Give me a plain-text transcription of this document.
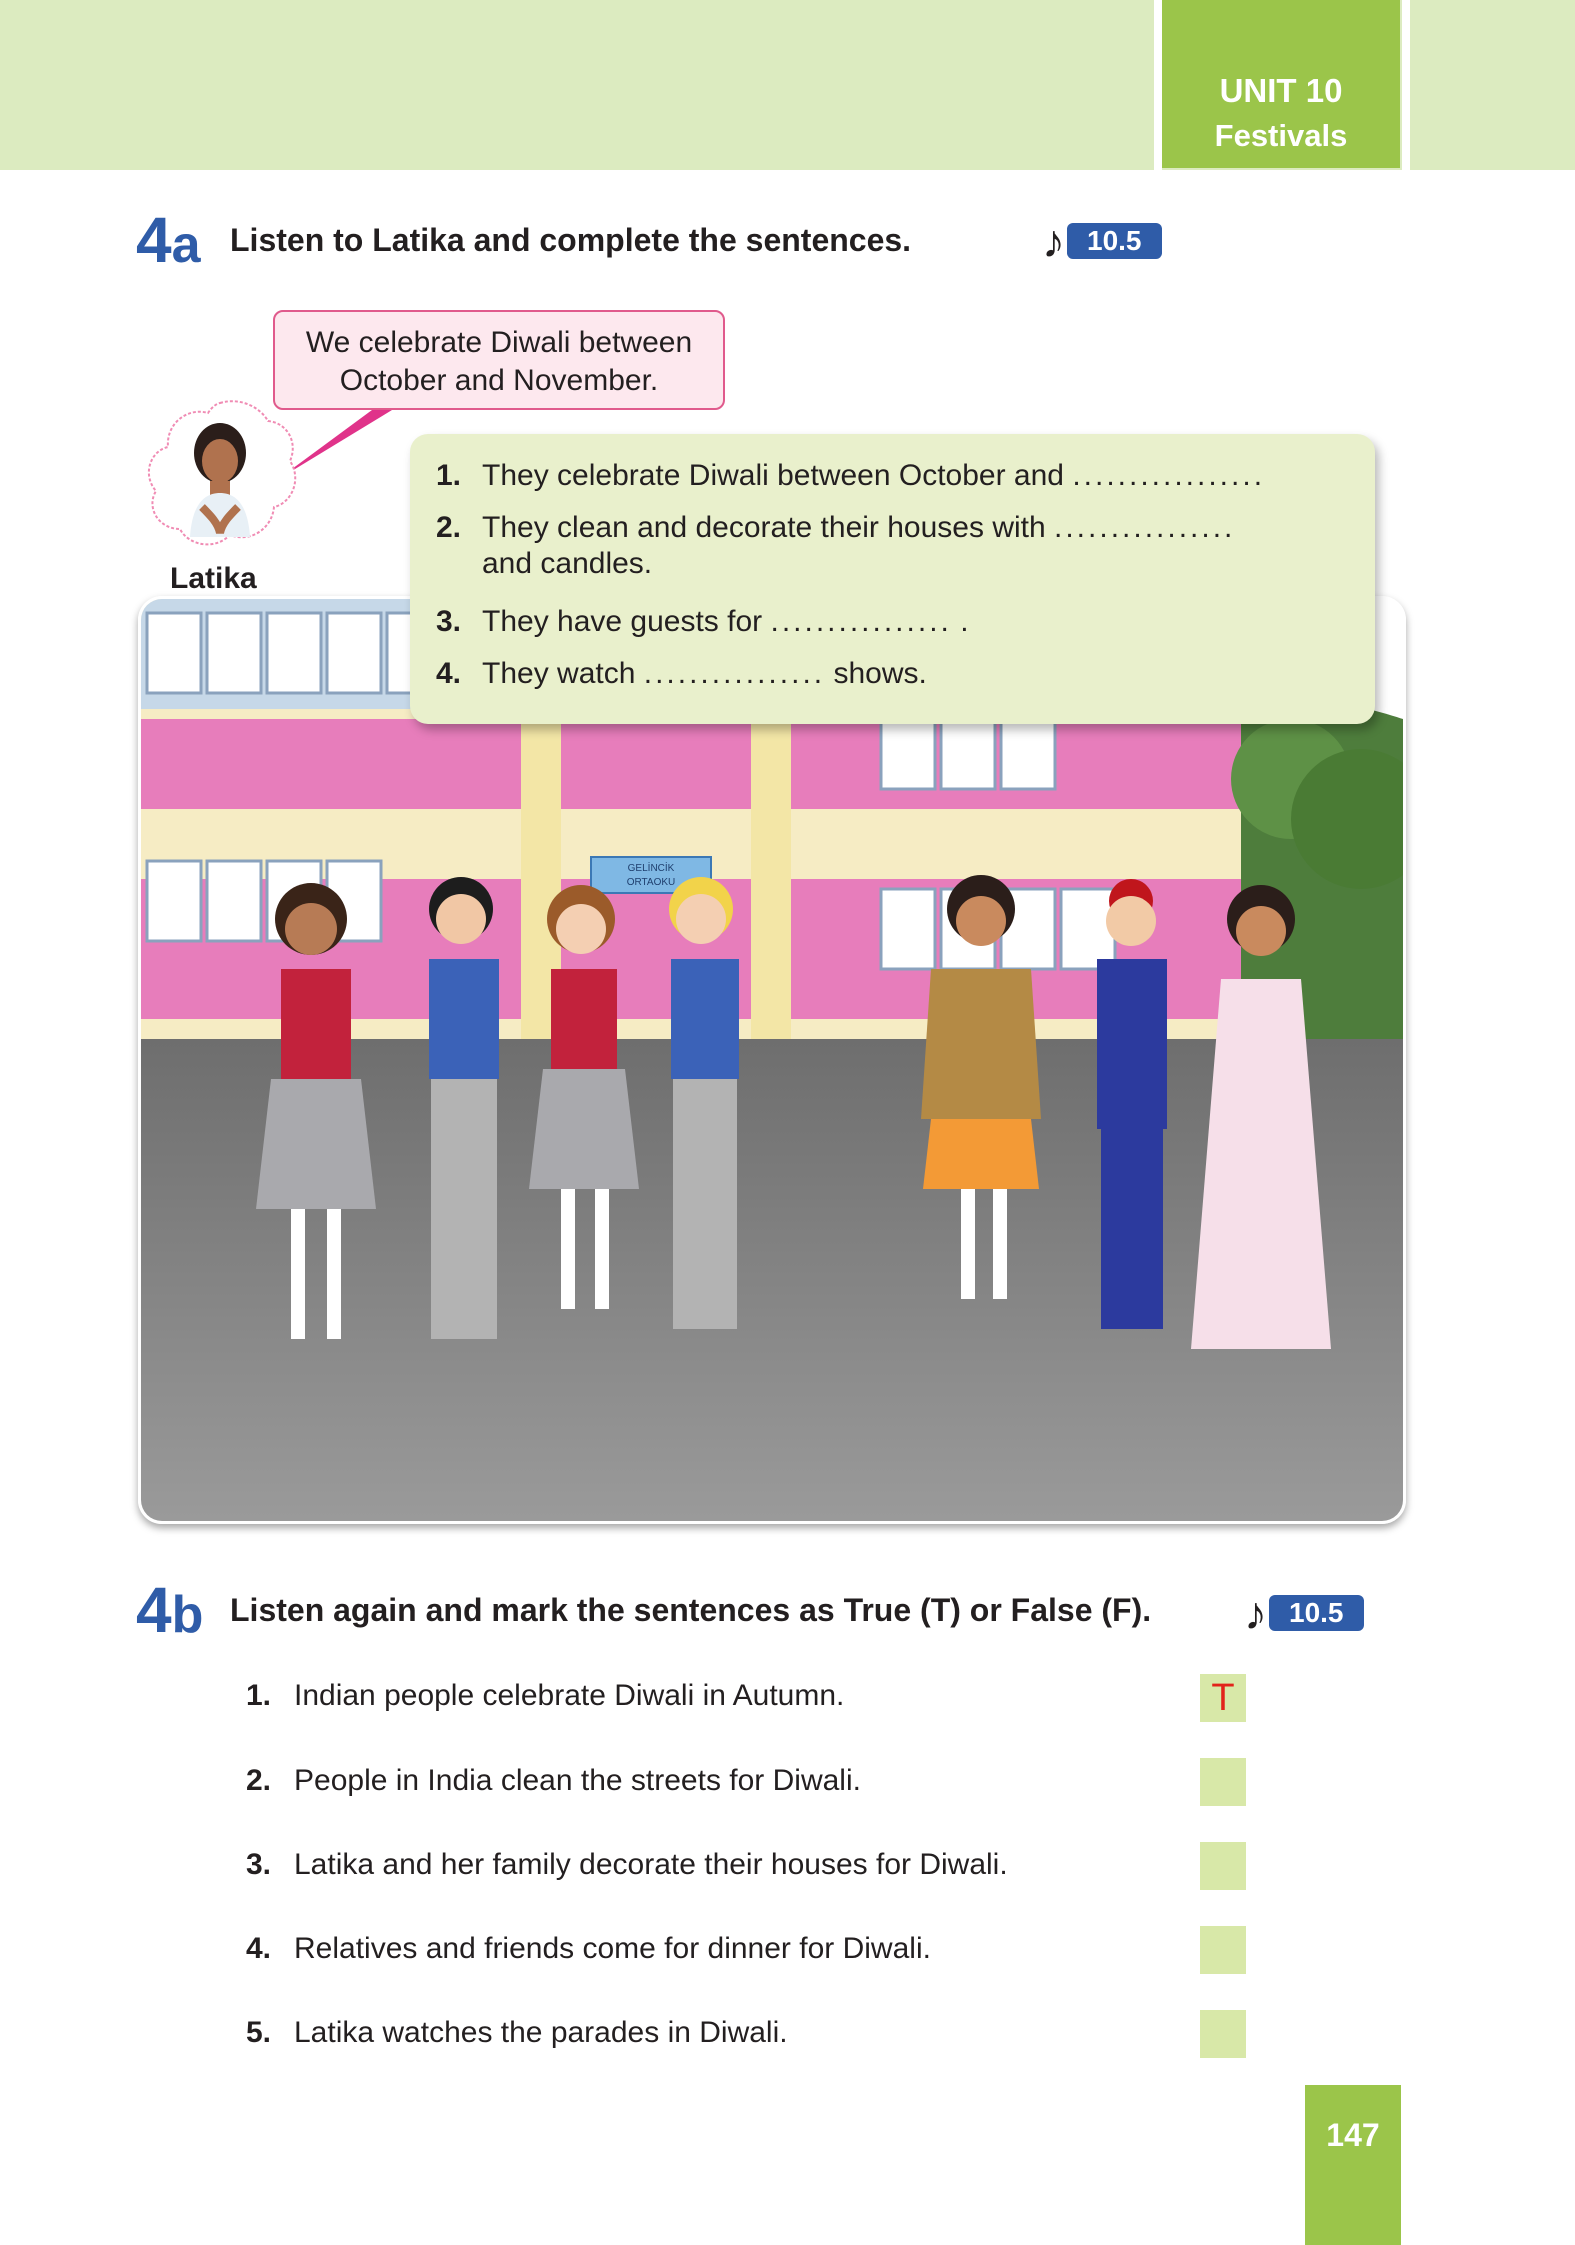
UNIT 10
Festivals
4a Listen to Latika and complete the sentences.	♪ 10.5
We celebrate Diwali between
October and November.
Latika
GELİNCİK
ORTAOKU
1. They celebrate Diwali between October and .................
2. They clean and decorate their houses with ................
and candles.
3. They have guests for ................ .
4. They watch ................ shows.
4b Listen again and mark the sentences as True (T) or False (F). ♪ 10.5
1. Indian people celebrate Diwali in Autumn.	T
2. People in India clean the streets for Diwali.
3. Latika and her family decorate their houses for Diwali.
4. Relatives and friends come for dinner for Diwali.
5. Latika watches the parades in Diwali.
147
